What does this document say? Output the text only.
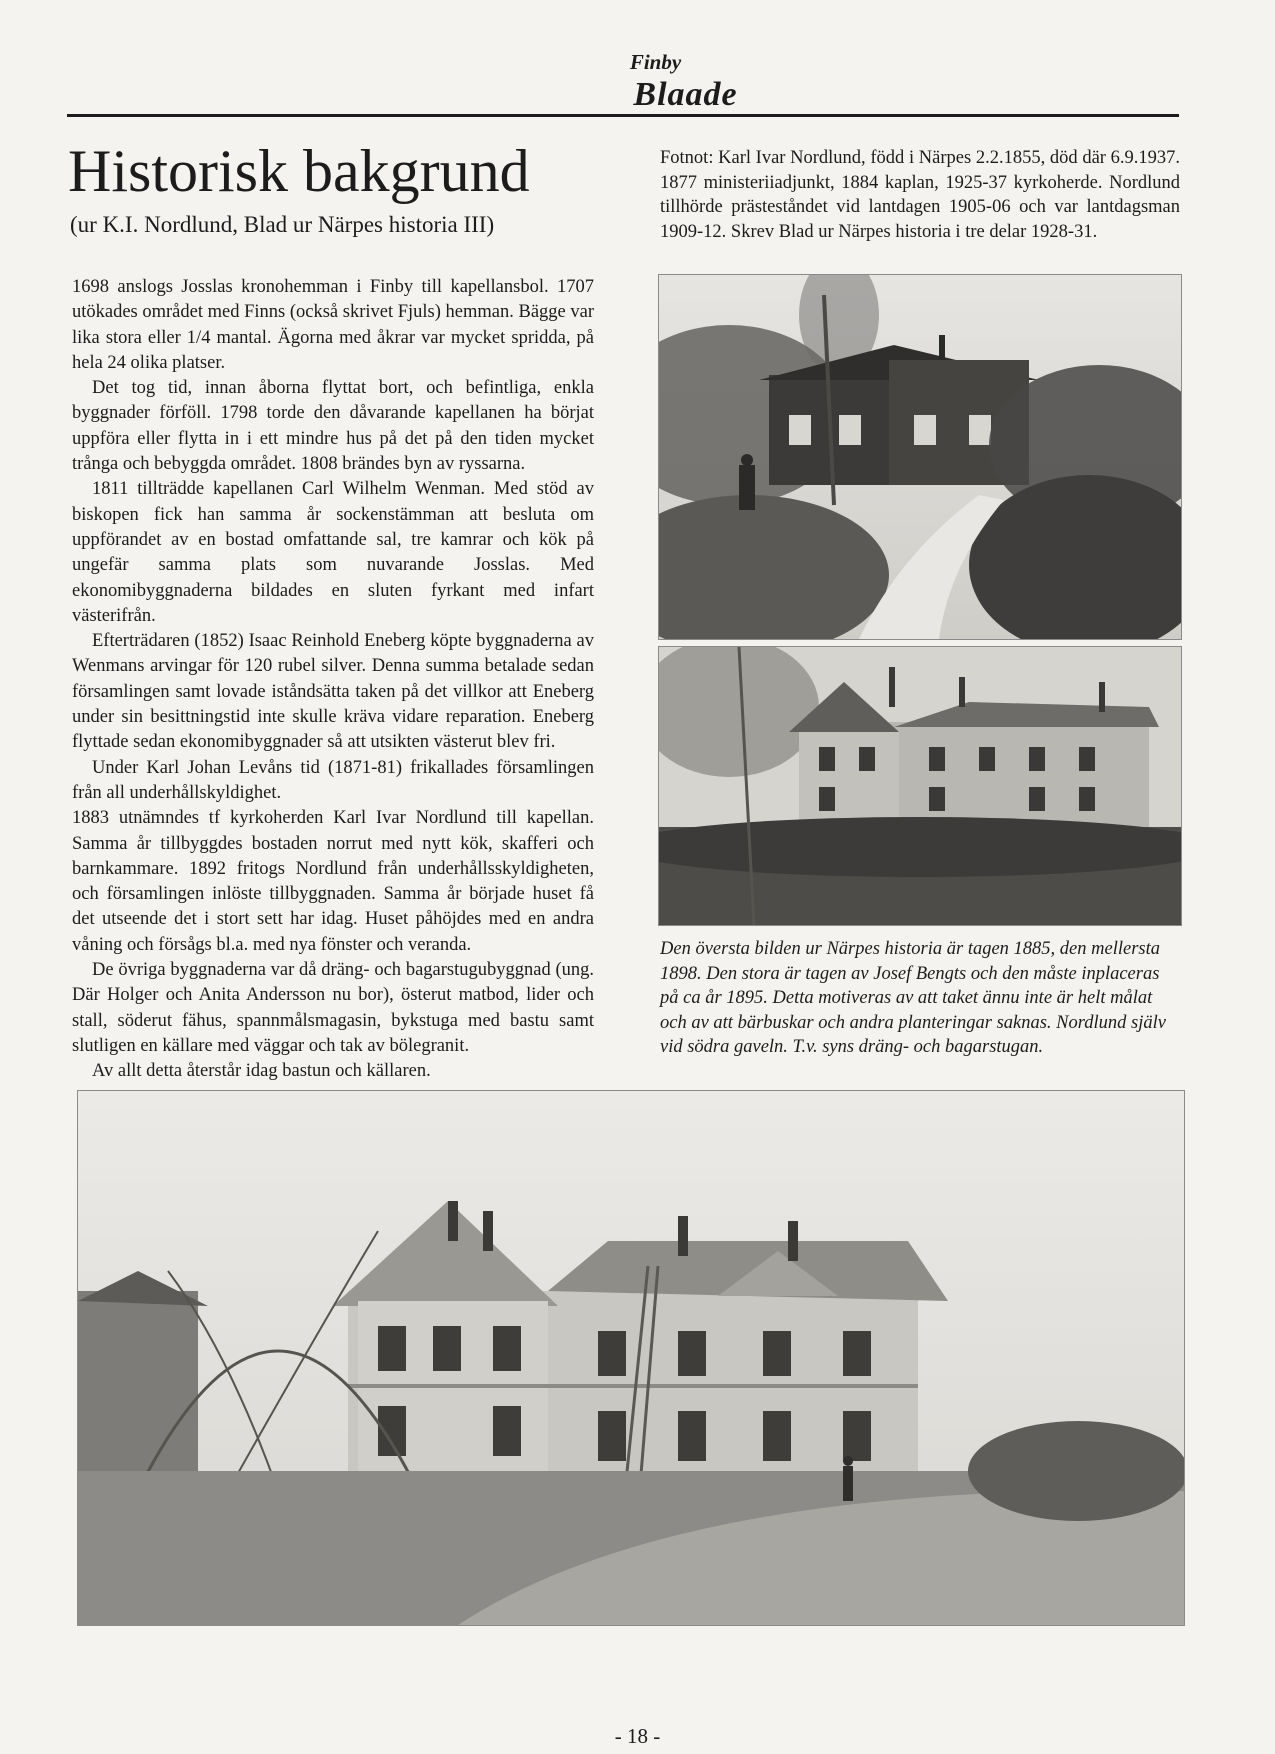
Finby
Blaade
Historisk bakgrund
(ur K.I. Nordlund, Blad ur Närpes historia III)

1698 anslogs Josslas kronohemman i Finby till kapellansbol. 1707 utökades området med Finns (också skrivet Fjuls) hemman. Bägge var lika stora eller 1/4 mantal. Ägorna med åkrar var mycket spridda, på hela 24 olika platser.

Det tog tid, innan åborna flyttat bort, och befintliga, enkla byggnader förföll. 1798 torde den dåvarande kapellanen ha börjat uppföra eller flytta in i ett mindre hus på det på den tiden mycket trånga och bebyggda området. 1808 brändes byn av ryssarna.

1811 tillträdde kapellanen Carl Wilhelm Wenman. Med stöd av biskopen fick han samma år sockenstämman att besluta om uppförandet av en bostad omfattande sal, tre kamrar och kök på ungefär samma plats som nuvarande Josslas. Med ekonomibyggnaderna bildades en sluten fyrkant med infart västerifrån.

Efterträdaren (1852) Isaac Reinhold Eneberg köpte byggnaderna av Wenmans arvingar för 120 rubel silver. Denna summa betalade sedan församlingen samt lovade iståndsätta taken på det villkor att Eneberg under sin besittningstid inte skulle kräva vidare reparation. Eneberg flyttade sedan ekonomibyggnader så att utsikten västerut blev fri.

Under Karl Johan Levåns tid (1871-81) frikallades församlingen från all underhållskyldighet.

1883 utnämndes tf kyrkoherden Karl Ivar Nordlund till kapellan. Samma år tillbyggdes bostaden norrut med nytt kök, skafferi och barnkammare. 1892 fritogs Nordlund från underhållsskyldigheten, och församlingen inlöste tillbyggnaden. Samma år började huset få det utseende det i stort sett har idag. Huset påhöjdes med en andra våning och försågs bl.a. med nya fönster och veranda.

De övriga byggnaderna var då dräng- och bagarstugubyggnad (ung. Där Holger och Anita Andersson nu bor), österut matbod, lider och stall, söderut fähus, spannmålsmagasin, bykstuga med bastu samt slutligen en källare med väggar och tak av bölegranit.

Av allt detta återstår idag bastun och källaren.

Fotnot: Karl Ivar Nordlund, född i Närpes 2.2.1855, död där 6.9.1937. 1877 ministeriiadjunkt, 1884 kaplan, 1925-37 kyrkoherde. Nordlund tillhörde prästeståndet vid lantdagen 1905-06 och var lantdagsman 1909-12. Skrev Blad ur Närpes historia i tre delar 1928-31.
Den översta bilden ur Närpes historia är tagen 1885, den mellersta 1898. Den stora är tagen av Josef Bengts och den måste inplaceras på ca år 1895. Detta motiveras av att taket ännu inte är helt målat och av att bärbuskar och andra planteringar saknas. Nordlund själv vid södra gaveln. T.v. syns dräng- och bagarstugan.
- 18 -
